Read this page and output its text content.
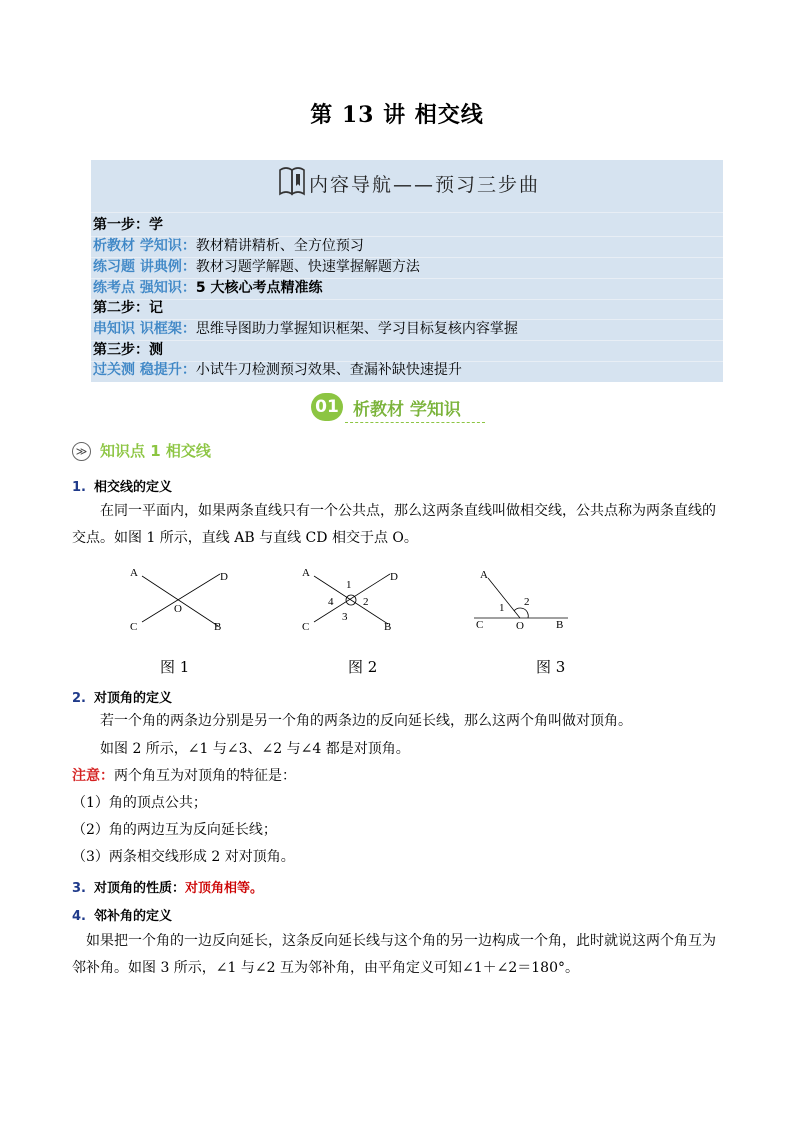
第 13 讲 相交线
内容导航——预习三步曲
第一步：学
析教材 学知识：教材精讲精析、全方位预习
练习题 讲典例：教材习题学解题、快速掌握解题方法
练考点 强知识：5 大核心考点精准练
第二步：记
串知识 识框架：思维导图助力掌握知识框架、学习目标复核内容掌握
第三步：测
过关测 稳提升：小试牛刀检测预习效果、查漏补缺快速提升
01 析教材 学知识
≫ 知识点 1 相交线
1. 相交线的定义
在同一平面内，如果两条直线只有一个公共点，那么这两条直线叫做相交线，公共点称为两条直线的
交点。如图 1 所示，直线 AB 与直线 CD 相交于点 O。
A	D
C	B
O
A	D
C	B
1
2
3
4
A
C	O	B
1 2
图 1	图 2	图 3
2. 对顶角的定义
若一个角的两条边分别是另一个角的两条边的反向延长线，那么这两个角叫做对顶角。
如图 2 所示，∠1 与∠3、∠2 与∠4 都是对顶角。
注意：两个角互为对顶角的特征是：
（1）角的顶点公共；
（2）角的两边互为反向延长线；
（3）两条相交线形成 2 对对顶角。
3. 对顶角的性质：对顶角相等。
4. 邻补角的定义
如果把一个角的一边反向延长，这条反向延长线与这个角的另一边构成一个角，此时就说这两个角互为
邻补角。如图 3 所示，∠1 与∠2 互为邻补角，由平角定义可知∠1＋∠2＝180°。
